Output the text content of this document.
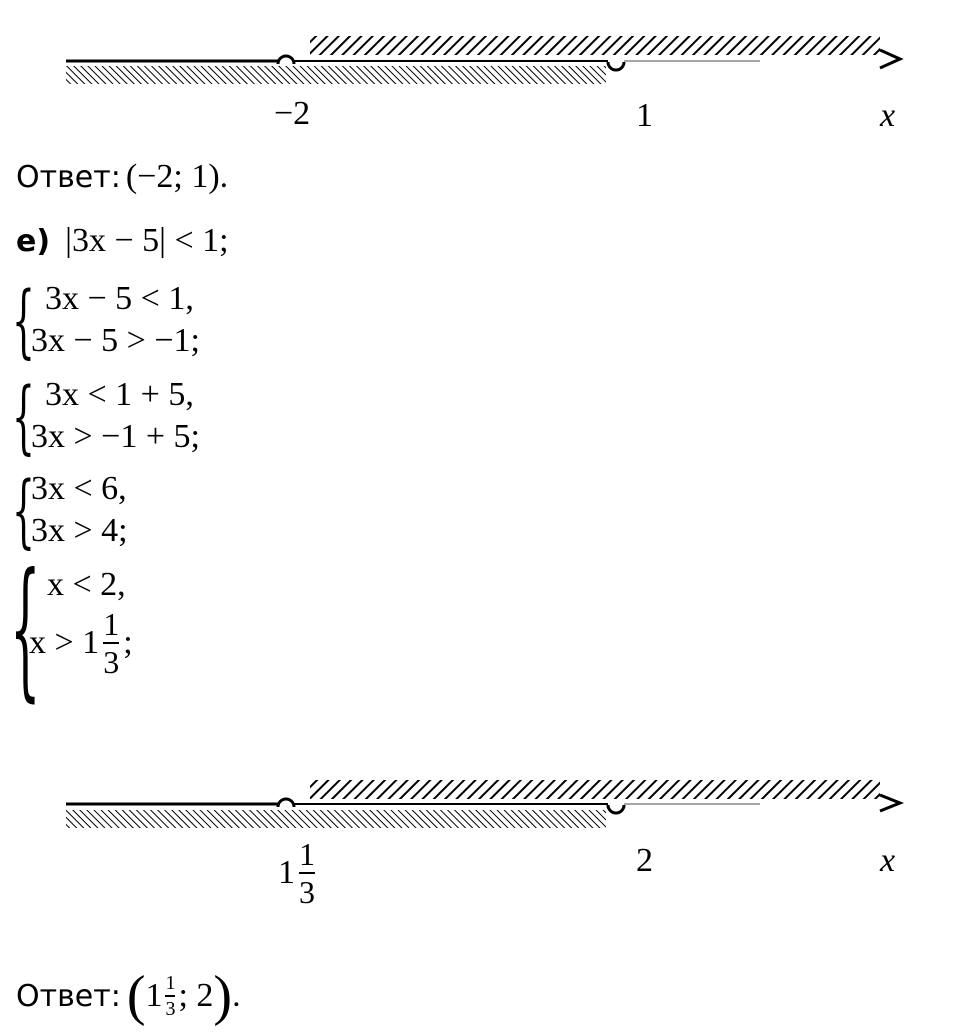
−2	1	x
Ответ: (−2; 1).
е) |3x − 5| < 1;
{ 3x − 5 < 1,
3x − 5 > −1;
{ 3x < 1 + 5,
3x > −1 + 5;
{
3x < 6,
3x > 4;
{ x < 2,
$x > 1 \frac{1}{3}$ ;
$1 \frac{1}{3}$	2	x
Ответ: ( $1 \frac{1}{3}$ ; 2 ) .
